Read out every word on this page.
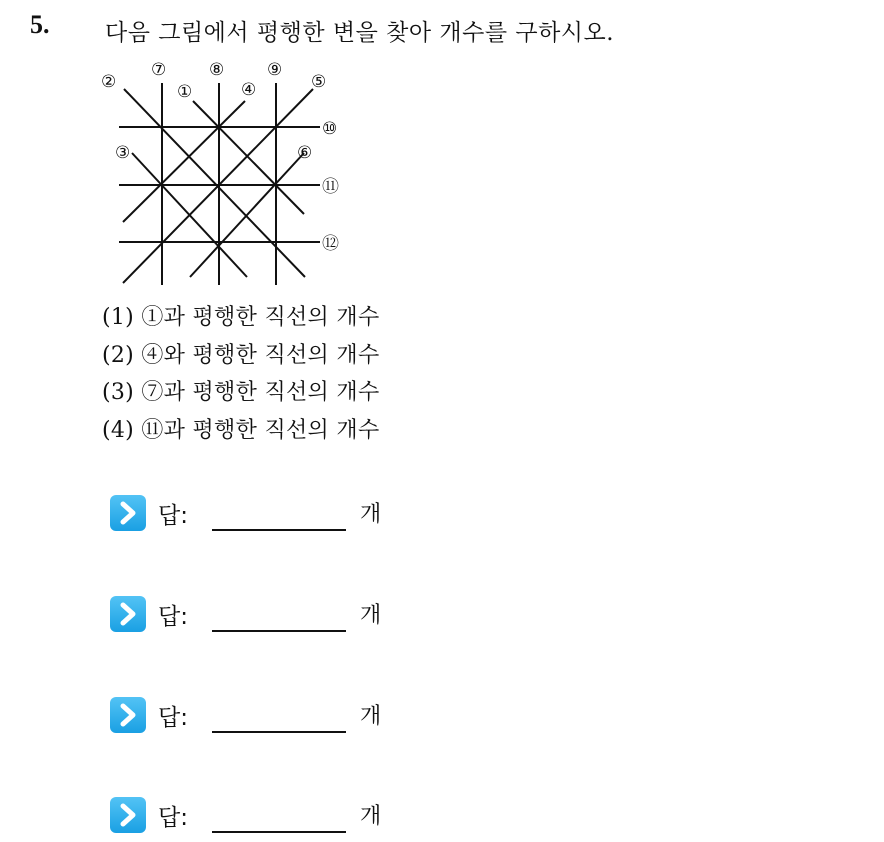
5. 다음 그림에서 평행한 변을 찾아 개수를 구하시오.
②
⑦
①
⑧
④
⑨
⑤
⑩
③	⑥
⑪
⑫
(1) ①과 평행한 직선의 개수
(2) ④와 평행한 직선의 개수
(3) ⑦과 평행한 직선의 개수
(4) ⑪과 평행한 직선의 개수
답:	개
답:	개
답:	개
답:	개
